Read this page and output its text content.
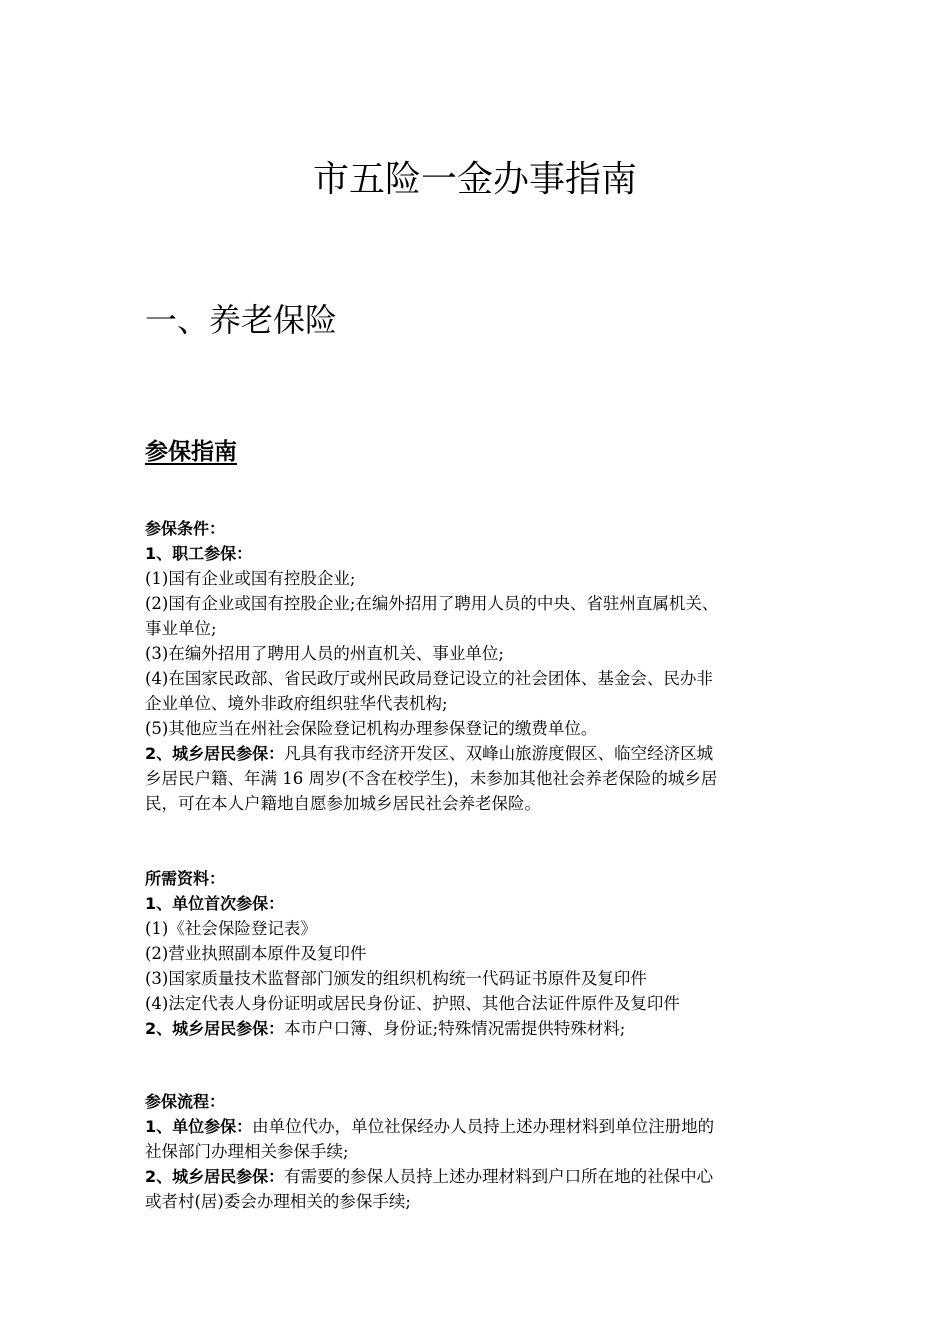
市五险一金办事指南
一、养老保险
参保指南

参保条件：

1、职工参保：

(1)国有企业或国有控股企业;

(2)国有企业或国有控股企业;在编外招用了聘用人员的中央、省驻州直属机关、

事业单位;

(3)在编外招用了聘用人员的州直机关、事业单位;

(4)在国家民政部、省民政厅或州民政局登记设立的社会团体、基金会、民办非

企业单位、境外非政府组织驻华代表机构;

(5)其他应当在州社会保险登记机构办理参保登记的缴费单位。

2、城乡居民参保：凡具有我市经济开发区、双峰山旅游度假区、临空经济区城

乡居民户籍、年满 16 周岁(不含在校学生)，未参加其他社会养老保险的城乡居

民，可在本人户籍地自愿参加城乡居民社会养老保险。

所需资料：

1、单位首次参保：

(1)《社会保险登记表》

(2)营业执照副本原件及复印件

(3)国家质量技术监督部门颁发的组织机构统一代码证书原件及复印件

(4)法定代表人身份证明或居民身份证、护照、其他合法证件原件及复印件

2、城乡居民参保：本市户口簿、身份证;特殊情况需提供特殊材料;

参保流程：

1、单位参保：由单位代办，单位社保经办人员持上述办理材料到单位注册地的

社保部门办理相关参保手续;

2、城乡居民参保：有需要的参保人员持上述办理材料到户口所在地的社保中心

或者村(居)委会办理相关的参保手续;
